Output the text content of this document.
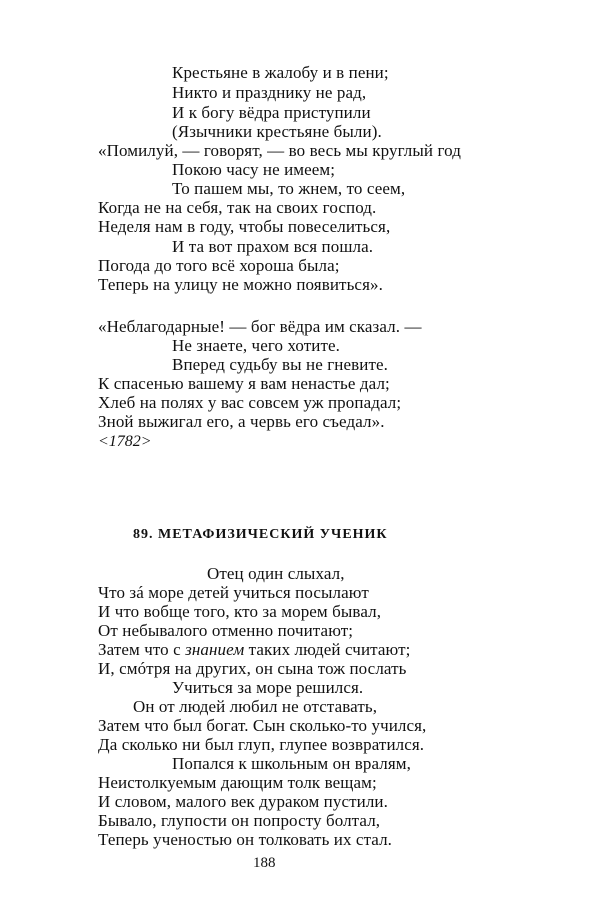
Крестьяне в жалобу и в пени;
Никто и празднику не рад,
И к богу вёдра приступили
(Язычники крестьяне были).
«Помилуй, — говорят, — во весь мы круглый год
Покою часу не имеем;
То пашем мы, то жнем, то сеем,
Когда не на себя, так на своих господ.
Неделя нам в году, чтобы повеселиться,
И та вот прахом вся пошла.
Погода до того всё хороша была;
Теперь на улицу не можно появиться».
«Неблагодарные! — бог вёдра им сказал. —
Не знаете, чего хотите.
Вперед судьбу вы не гневите.
К спасенью вашему я вам ненастье дал;
Хлеб на полях у вас совсем уж пропадал;
Зной выжигал его, а червь его съедал».
<1782>
89. МЕТАФИЗИЧЕСКИЙ УЧЕНИК
Отец один слыхал,
Что зá море детей учиться посылают
И что вобще того, кто за морем бывал,
От небывалого отменно почитают;
Затем что с знанием таких людей считают;
И, смóтря на других, он сына тож послать
Учиться за море решился.
Он от людей любил не отставать,
Затем что был богат. Сын сколько-то учился,
Да сколько ни был глуп, глупее возвратился.
Попался к школьным он вралям,
Неистолкуемым дающим толк вещам;
И словом, малого век дураком пустили.
Бывало, глупости он попросту болтал,
Теперь ученостью он толковать их стал.
188
